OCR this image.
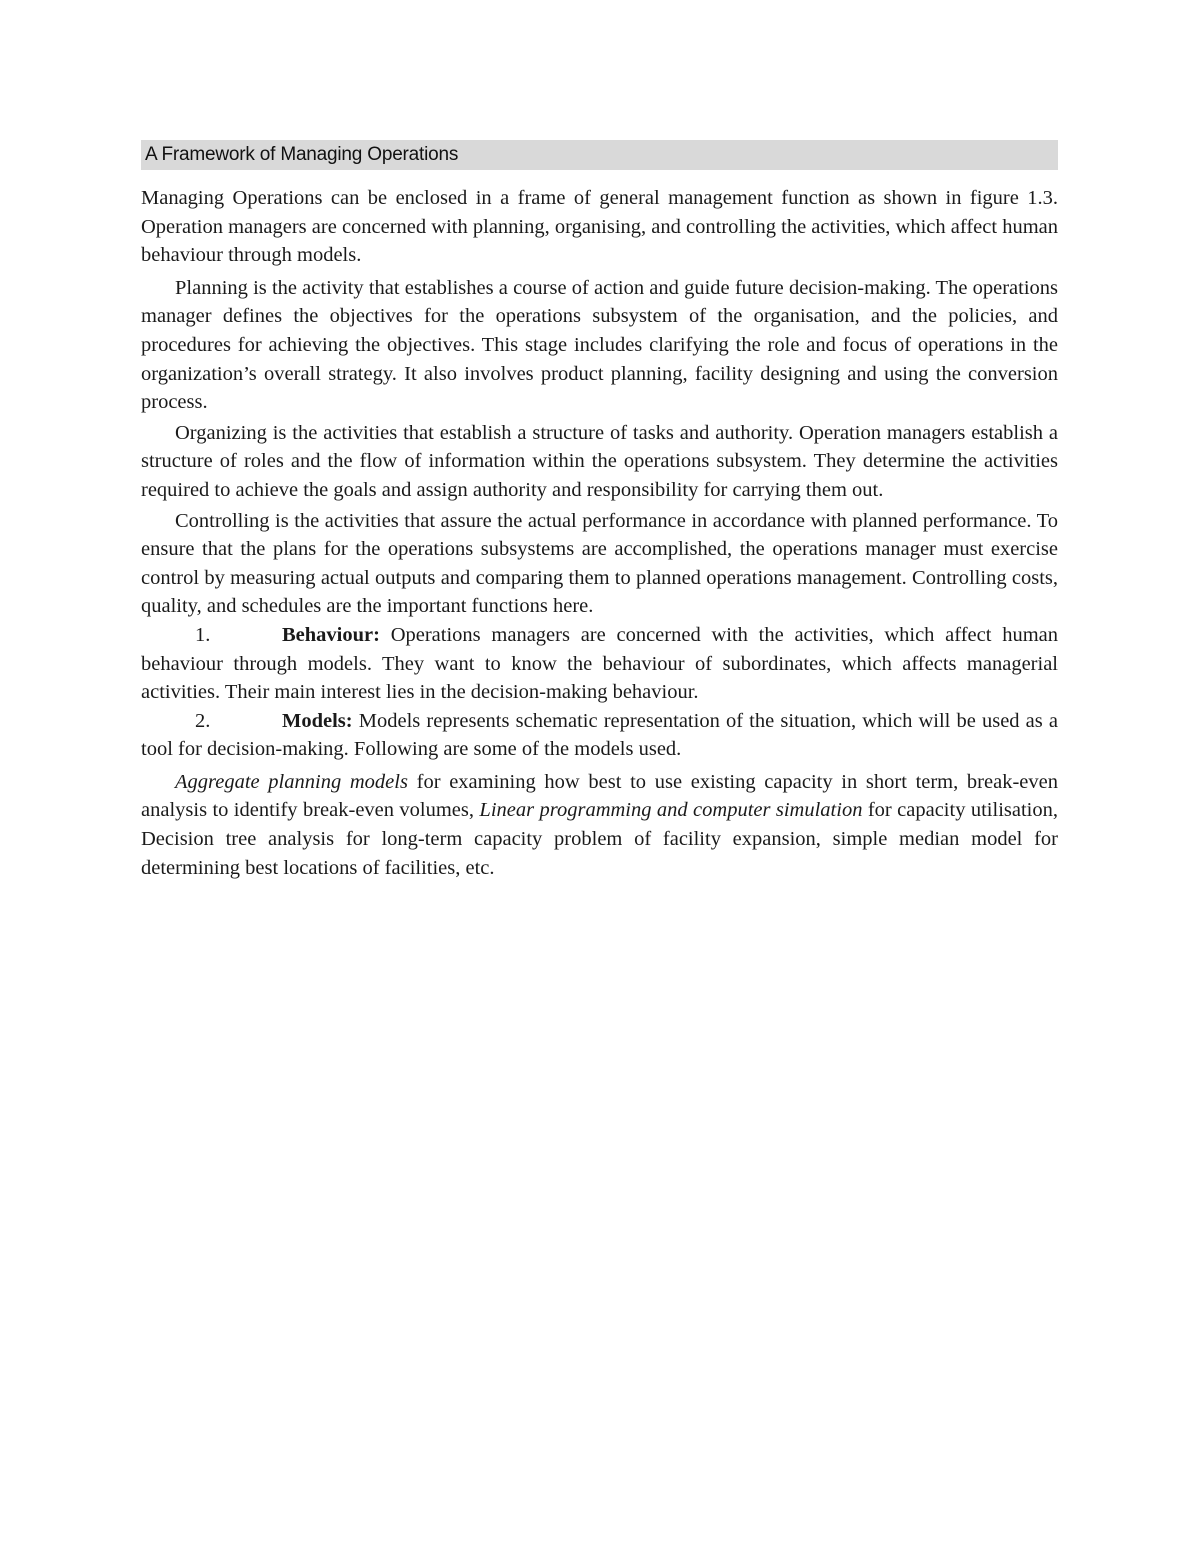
A Framework of Managing Operations

Managing Operations can be enclosed in a frame of general management function as shown in figure 1.3. Operation managers are concerned with planning, organising, and controlling the activities, which affect human behaviour through models.

Planning is the activity that establishes a course of action and guide future decision-making. The operations manager defines the objectives for the operations subsystem of the organisation, and the policies, and procedures for achieving the objectives. This stage includes clarifying the role and focus of operations in the organization’s overall strategy. It also involves product planning, facility designing and using the conversion process.

Organizing is the activities that establish a structure of tasks and authority. Operation managers establish a structure of roles and the flow of information within the operations subsystem. They determine the activities required to achieve the goals and assign authority and responsibility for carrying them out.

Controlling is the activities that assure the actual performance in accordance with planned performance. To ensure that the plans for the operations subsystems are accomplished, the operations manager must exercise control by measuring actual outputs and comparing them to planned operations management. Controlling costs, quality, and schedules are the important functions here.

1.	Behaviour: Operations managers are concerned with the activities, which affect human behaviour through models. They want to know the behaviour of subordinates, which affects managerial activities. Their main interest lies in the decision-making behaviour.

2.	Models: Models represents schematic representation of the situation, which will be used as a tool for decision-making. Following are some of the models used.

Aggregate planning models for examining how best to use existing capacity in short term, break-even analysis to identify break-even volumes, Linear programming and computer simulation for capacity utilisation, Decision tree analysis for long-term capacity problem of facility expansion, simple median model for determining best locations of facilities, etc.
